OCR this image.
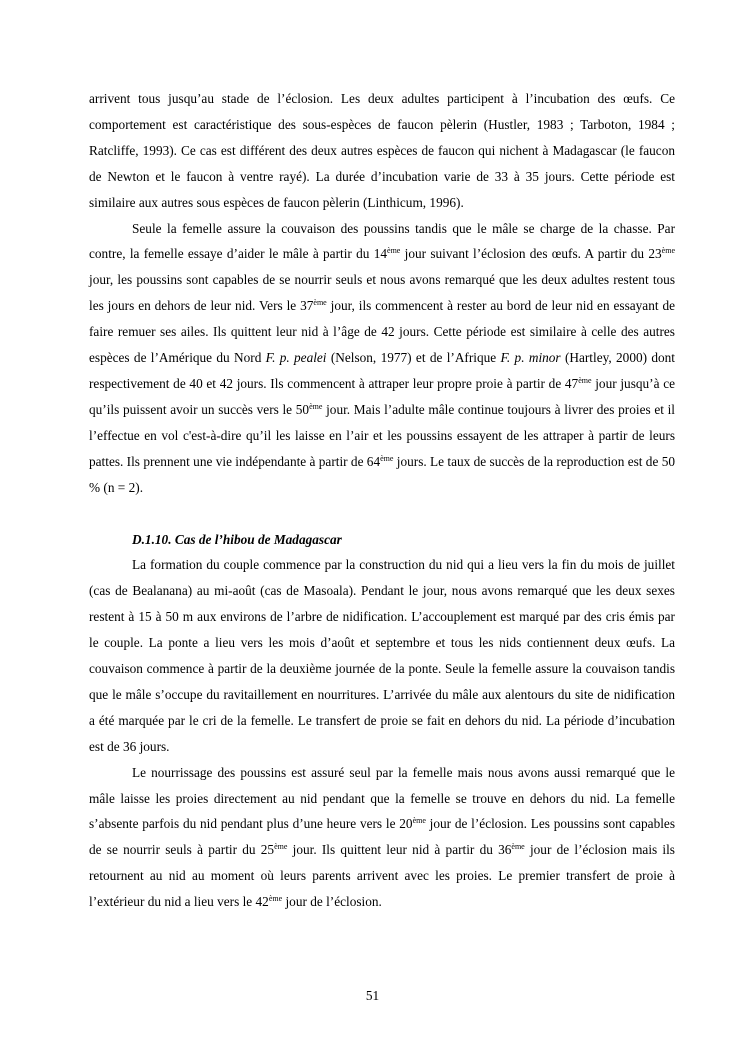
arrivent tous jusqu’au stade de l’éclosion. Les deux adultes participent à l’incubation des œufs. Ce comportement est caractéristique des sous-espèces de faucon pèlerin (Hustler, 1983 ; Tarboton, 1984 ; Ratcliffe, 1993). Ce cas est différent des deux autres espèces de faucon qui nichent à Madagascar (le faucon de Newton et le faucon à ventre rayé). La durée d’incubation varie de 33 à 35 jours. Cette période est similaire aux autres sous espèces de faucon pèlerin (Linthicum, 1996).

Seule la femelle assure la couvaison des poussins tandis que le mâle se charge de la chasse. Par contre, la femelle essaye d’aider le mâle à partir du 14ème jour suivant l’éclosion des œufs. A partir du 23ème jour, les poussins sont capables de se nourrir seuls et nous avons remarqué que les deux adultes restent tous les jours en dehors de leur nid. Vers le 37ème jour, ils commencent à rester au bord de leur nid en essayant de faire remuer ses ailes. Ils quittent leur nid à l’âge de 42 jours. Cette période est similaire à celle des autres espèces de l’Amérique du Nord F. p. pealei (Nelson, 1977) et de l’Afrique F. p. minor (Hartley, 2000) dont respectivement de 40 et 42 jours. Ils commencent à attraper leur propre proie à partir de 47ème jour jusqu’à ce qu’ils puissent avoir un succès vers le 50ème jour. Mais l’adulte mâle continue toujours à livrer des proies et il l’effectue en vol c'est-à-dire qu’il les laisse en l’air et les poussins essayent de les attraper à partir de leurs pattes. Ils prennent une vie indépendante à partir de 64ème jours. Le taux de succès de la reproduction est de 50 % (n = 2).

D.1.10. Cas de l’hibou de Madagascar

La formation du couple commence par la construction du nid qui a lieu vers la fin du mois de juillet (cas de Bealanana) au mi-août (cas de Masoala). Pendant le jour, nous avons remarqué que les deux sexes restent à 15 à 50 m aux environs de l’arbre de nidification. L’accouplement est marqué par des cris émis par le couple. La ponte a lieu vers les mois d’août et septembre et tous les nids contiennent deux œufs. La couvaison commence à partir de la deuxième journée de la ponte. Seule la femelle assure la couvaison tandis que le mâle s’occupe du ravitaillement en nourritures. L’arrivée du mâle aux alentours du site de nidification a été marquée par le cri de la femelle. Le transfert de proie se fait en dehors du nid. La période d’incubation est de 36 jours.

Le nourrissage des poussins est assuré seul par la femelle mais nous avons aussi remarqué que le mâle laisse les proies directement au nid pendant que la femelle se trouve en dehors du nid. La femelle s’absente parfois du nid pendant plus d’une heure vers le 20ème jour de l’éclosion. Les poussins sont capables de se nourrir seuls à partir du 25ème jour. Ils quittent leur nid à partir du 36ème jour de l’éclosion mais ils retournent au nid au moment où leurs parents arrivent avec les proies. Le premier transfert de proie à l’extérieur du nid a lieu vers le 42ème jour de l’éclosion.

51
